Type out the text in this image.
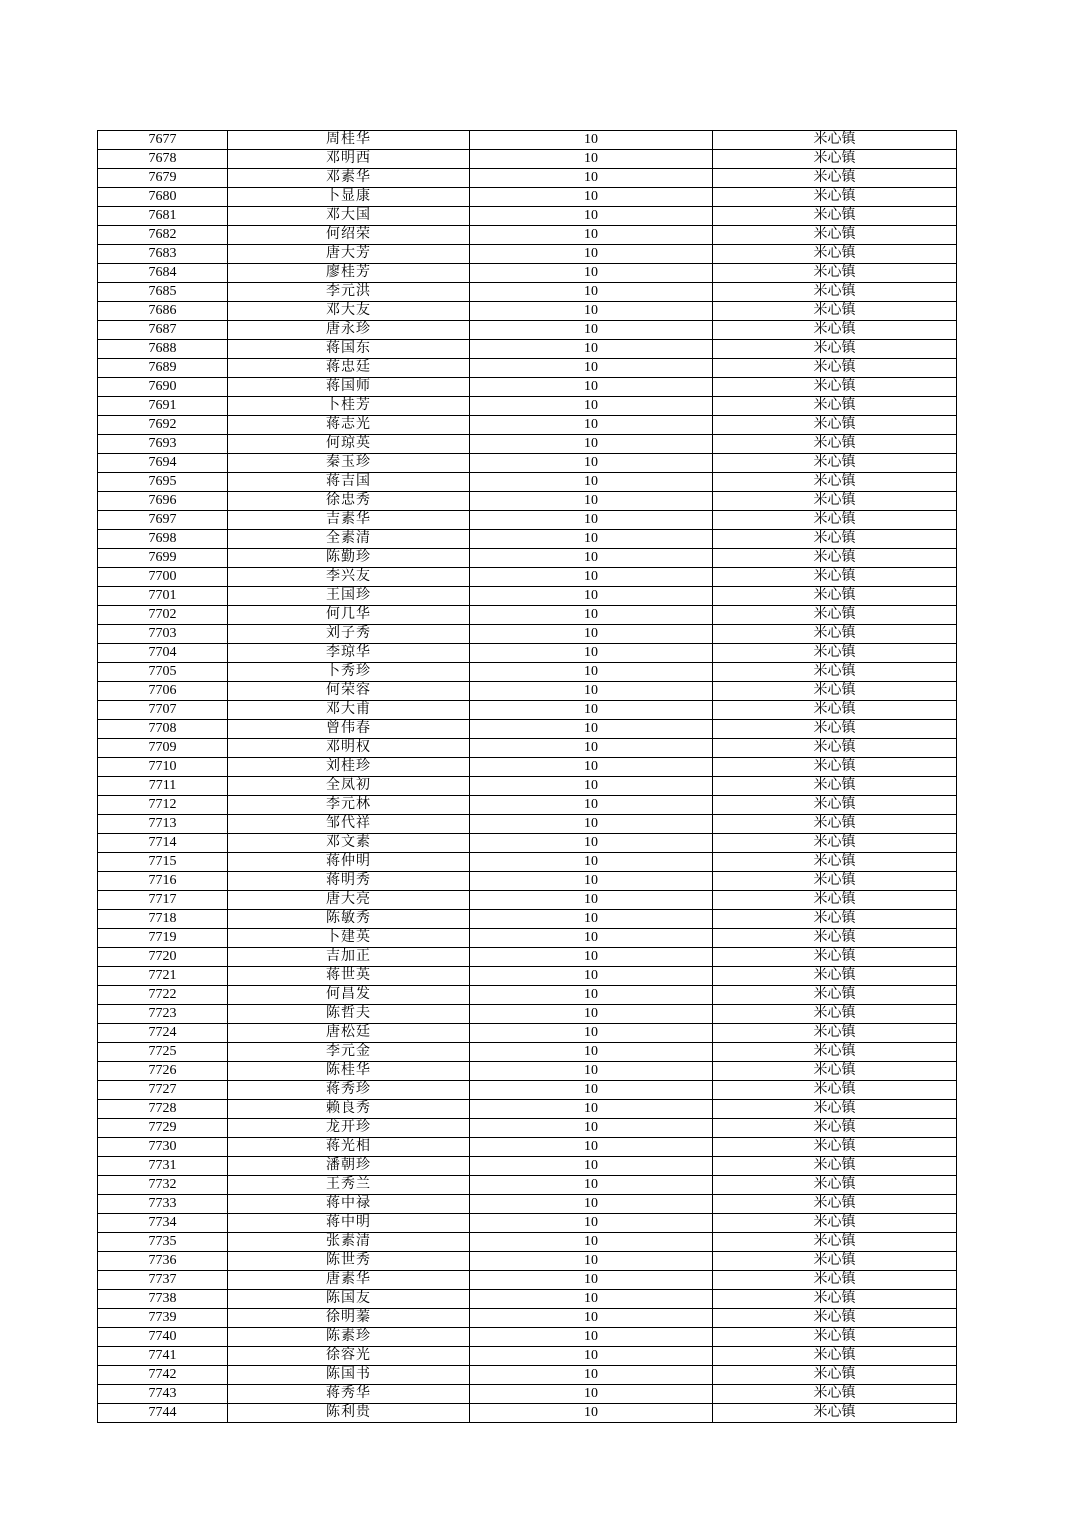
7677	周桂华	10	米心镇
7678	邓明西	10	米心镇
7679	邓素华	10	米心镇
7680	卜显康	10	米心镇
7681	邓大国	10	米心镇
7682	何绍荣	10	米心镇
7683	唐大芳	10	米心镇
7684	廖桂芳	10	米心镇
7685	李元洪	10	米心镇
7686	邓大友	10	米心镇
7687	唐永珍	10	米心镇
7688	蒋国东	10	米心镇
7689	蒋忠廷	10	米心镇
7690	蒋国师	10	米心镇
7691	卜桂芳	10	米心镇
7692	蒋志光	10	米心镇
7693	何琼英	10	米心镇
7694	秦玉珍	10	米心镇
7695	蒋吉国	10	米心镇
7696	徐忠秀	10	米心镇
7697	吉素华	10	米心镇
7698	全素清	10	米心镇
7699	陈勤珍	10	米心镇
7700	李兴友	10	米心镇
7701	王国珍	10	米心镇
7702	何几华	10	米心镇
7703	刘子秀	10	米心镇
7704	李琼华	10	米心镇
7705	卜秀珍	10	米心镇
7706	何荣容	10	米心镇
7707	邓大甫	10	米心镇
7708	曾伟春	10	米心镇
7709	邓明权	10	米心镇
7710	刘桂珍	10	米心镇
7711	全凤初	10	米心镇
7712	李元林	10	米心镇
7713	邹代祥	10	米心镇
7714	邓文素	10	米心镇
7715	蒋仲明	10	米心镇
7716	蒋明秀	10	米心镇
7717	唐大亮	10	米心镇
7718	陈敏秀	10	米心镇
7719	卜建英	10	米心镇
7720	吉加正	10	米心镇
7721	蒋世英	10	米心镇
7722	何昌发	10	米心镇
7723	陈哲夫	10	米心镇
7724	唐松廷	10	米心镇
7725	李元金	10	米心镇
7726	陈桂华	10	米心镇
7727	蒋秀珍	10	米心镇
7728	赖良秀	10	米心镇
7729	龙开珍	10	米心镇
7730	蒋光相	10	米心镇
7731	潘朝珍	10	米心镇
7732	王秀兰	10	米心镇
7733	蒋中禄	10	米心镇
7734	蒋中明	10	米心镇
7735	张素清	10	米心镇
7736	陈世秀	10	米心镇
7737	唐素华	10	米心镇
7738	陈国友	10	米心镇
7739	徐明蓁	10	米心镇
7740	陈素珍	10	米心镇
7741	徐容光	10	米心镇
7742	陈国书	10	米心镇
7743	蒋秀华	10	米心镇
7744	陈利贵	10	米心镇
